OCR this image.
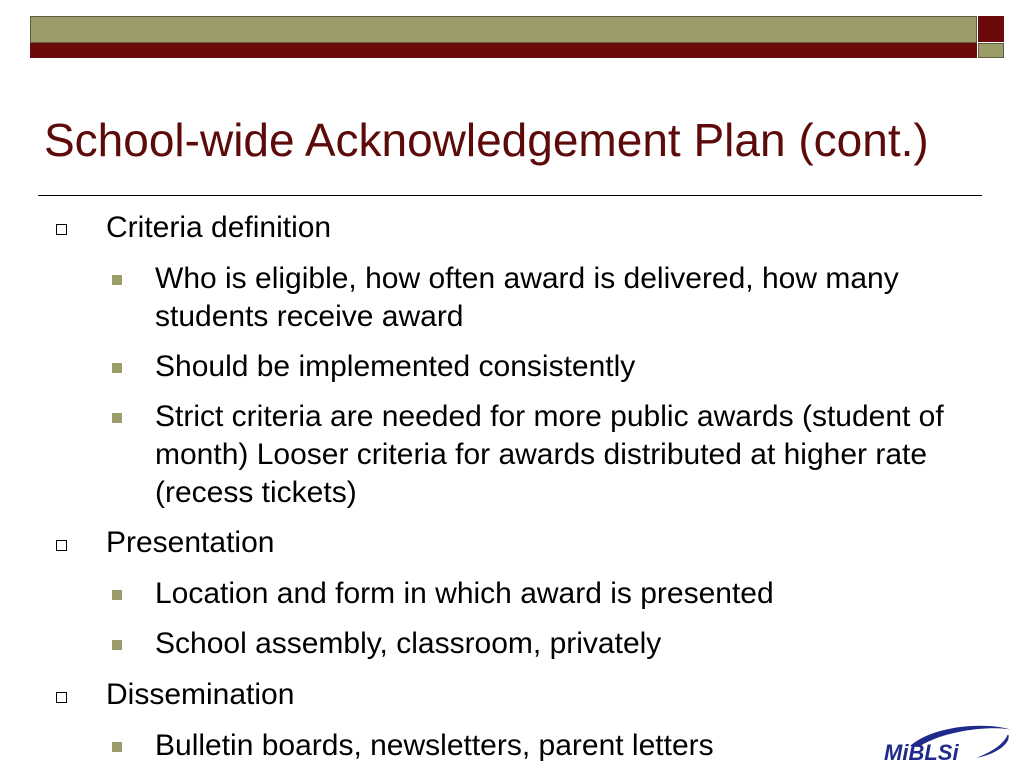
School-wide Acknowledgement Plan (cont.)
Criteria definition
Who is eligible, how often award is delivered, how many students receive award
Should be implemented consistently
Strict criteria are needed for more public awards (student of month) Looser criteria for awards distributed at higher rate (recess tickets)
Presentation
Location and form in which award is presented
School assembly, classroom, privately
Dissemination
Bulletin boards, newsletters, parent letters	MiBLSi
